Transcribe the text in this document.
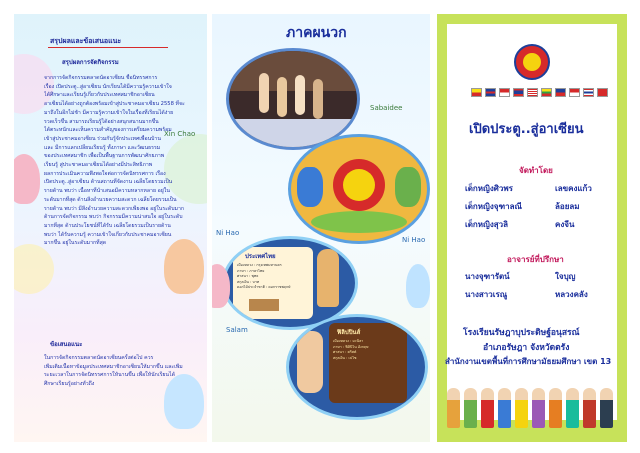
Xin Chao
สรุปผลและข้อเสนอแนะ
สรุปผลการจัดกิจกรรม
จากการจัดกิจกรรมตลาดนัดอาเซียน ชื่อนิทรรศการ
เรื่อง เปิดประตู..สู่อาเซียน นักเรียนได้มีความรู้ความเข้าใจ
ได้ศึกษาและเรียนรู้เกี่ยวกับประเทศสมาชิกอาเซียน
อาเซียนได้อย่างถูกต้องพร้อมเข้าสู่ประชาคมอาเซียน 2558 ที่จะ
มาถึงในอีกไม่ช้า มีความรู้ความเข้าใจในเรื่องที่เรียนได้ง่าย
รวดเร็วขึ้น สามารถเรียนรู้ได้อย่างสนุกสนานมากขึ้น
ได้ตระหนักและเห็นความสำคัญของการเตรียมความพร้อม
เข้าสู่ประชาคมอาเซียน ร่วมกันรู้จักประเทศเพื่อนบ้าน
และ มีการแลกเปลี่ยนเรียนรู้ ทั้งภาษา และวัฒนธรรม
ของประเทศสมาชิก เพื่อเป็นพื้นฐานการพัฒนาศักยภาพ
เรียนรู้ สู่ประชาคมอาเซียนได้อย่างมีประสิทธิภาพ
ผลการประเมินความพึงพอใจต่อการจัดนิทรรศการ เรื่อง
เปิดประตู..สู่อาเซียน ด้านสถานที่จัดงาน เฉลี่ยโดยรวมเป็น
รายด้าน พบว่า เนื้อหาที่นำเสนอมีความหลากหลาย อยู่ใน
ระดับมากที่สุด ด้านสิ่งอำนวยความสะดวก เฉลี่ยโดยรวมเป็น
รายด้าน พบว่า มีสิ่งอำนวยความสะดวกเพียงพอ อยู่ในระดับมาก
ด้านการจัดกิจกรรม พบว่า กิจกรรมมีความน่าสนใจ อยู่ในระดับ
มากที่สุด ด้านประโยชน์ที่ได้รับ เฉลี่ยโดยรวมเป็นรายด้าน
พบว่า ได้รับความรู้ ความเข้าใจเกี่ยวกับประชาคมอาเซียน
มากขึ้น อยู่ในระดับมากที่สุด
ข้อเสนอแนะ
ในการจัดกิจกรรมตลาดนัดอาเซียนครั้งต่อไป ควร
เพิ่มเติมเนื้อหาข้อมูลประเทศสมาชิกอาเซียนให้มากขึ้น และเพิ่ม
ระยะเวลาในการจัดนิทรรศการให้นานขึ้น เพื่อให้นักเรียนได้
ศึกษาเรียนรู้อย่างทั่วถึง
ภาคผนวก
Sabaidee
Ni Hao
Ni Hao
Salam
ประเทศไทย
เมืองหลวง : กรุงเทพมหานคร
ภาษา : ภาษาไทย
ศาสนา : พุทธ
สกุลเงิน : บาท
ดอกไม้ประจำชาติ : ดอกราชพฤกษ์
ฟิลิปปินส์
เมืองหลวง : มะนิลา
ภาษา : ฟิลิปิโน อังกฤษ
ศาสนา : คริสต์
สกุลเงิน : เปโซ
เปิดประตู..สู่อาเซียน
จัดทำโดย
เด็กหญิงศิวพร	เลขคงแก้ว
เด็กหญิงจุฑาลณี	ล้อยลม
เด็กหญิงสุวลิ	คงจีน
อาจารย์ที่ปรึกษา
นางจุฑารัตน์	ใจบุญ
นางสาวเรณู	หลวงคลัง
โรงเรียนรัษฎาบุประดิษฐ์อนุสรณ์
อำเภอรัษฎา จังหวัดตรัง
สำนักงานเขตพื้นที่การศึกษามัธยมศึกษา เขต 13
